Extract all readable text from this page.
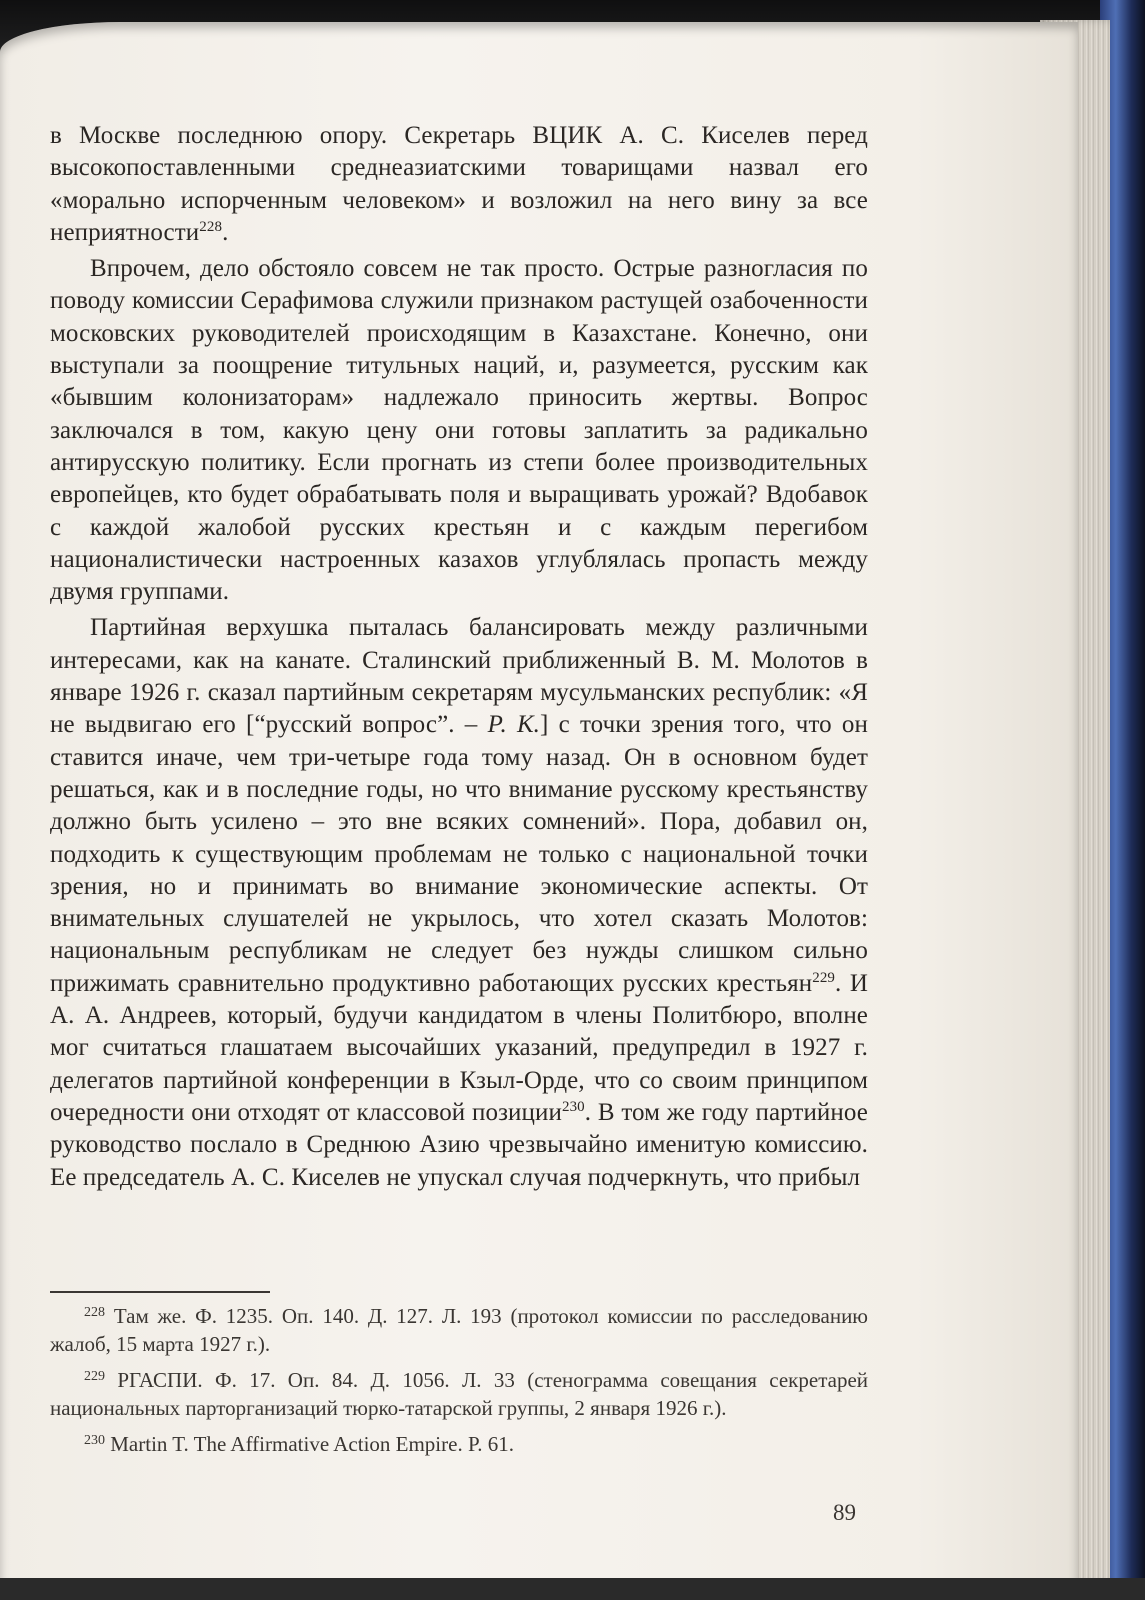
в Москве последнюю опору. Секретарь ВЦИК А. С. Киселев перед высокопоставленными среднеазиатскими товарищами назвал его «морально испорченным человеком» и возложил на него вину за все неприятности$^{228}$.

Впрочем, дело обстояло совсем не так просто. Острые разногласия по поводу комиссии Серафимова служили признаком растущей озабоченности московских руководителей происходящим в Казахстане. Конечно, они выступали за поощрение титульных наций, и, разумеется, русским как «бывшим колонизаторам» надлежало приносить жертвы. Вопрос заключался в том, какую цену они готовы заплатить за радикально антирусскую политику. Если прогнать из степи более производительных европейцев, кто будет обрабатывать поля и выращивать урожай? Вдобавок с каждой жалобой русских крестьян и с каждым перегибом националистически настроенных казахов углублялась пропасть между двумя группами.

Партийная верхушка пыталась балансировать между различными интересами, как на канате. Сталинский приближенный В. М. Молотов в январе 1926 г. сказал партийным секретарям мусульманских республик: «Я не выдвигаю его [“русский вопрос”. – Р. К.] с точки зрения того, что он ставится иначе, чем три-четыре года тому назад. Он в основном будет решаться, как и в последние годы, но что внимание русскому крестьянству должно быть усилено – это вне всяких сомнений». Пора, добавил он, подходить к существующим проблемам не только с национальной точки зрения, но и принимать во внимание экономические аспекты. От внимательных слушателей не укрылось, что хотел сказать Молотов: национальным республикам не следует без нужды слишком сильно прижимать сравнительно продуктивно работающих русских крестьян$^{229}$. И А. А. Андреев, который, будучи кандидатом в члены Политбюро, вполне мог считаться глашатаем высочайших указаний, предупредил в 1927 г. делегатов партийной конференции в Кзыл-Орде, что со своим принципом очередности они отходят от классовой позиции$^{230}$. В том же году партийное руководство послало в Среднюю Азию чрезвычайно именитую комиссию. Ее председатель А. С. Киселев не упускал случая подчеркнуть, что прибыл

$^{228}$ Там же. Ф. 1235. Оп. 140. Д. 127. Л. 193 (протокол комиссии по расследованию жалоб, 15 марта 1927 г.).

$^{229}$ РГАСПИ. Ф. 17. Оп. 84. Д. 1056. Л. 33 (стенограмма совещания секретарей национальных парторганизаций тюрко-татарской группы, 2 января 1926 г.).

$^{230}$ Martin T. The Affirmative Action Empire. P. 61.

89
